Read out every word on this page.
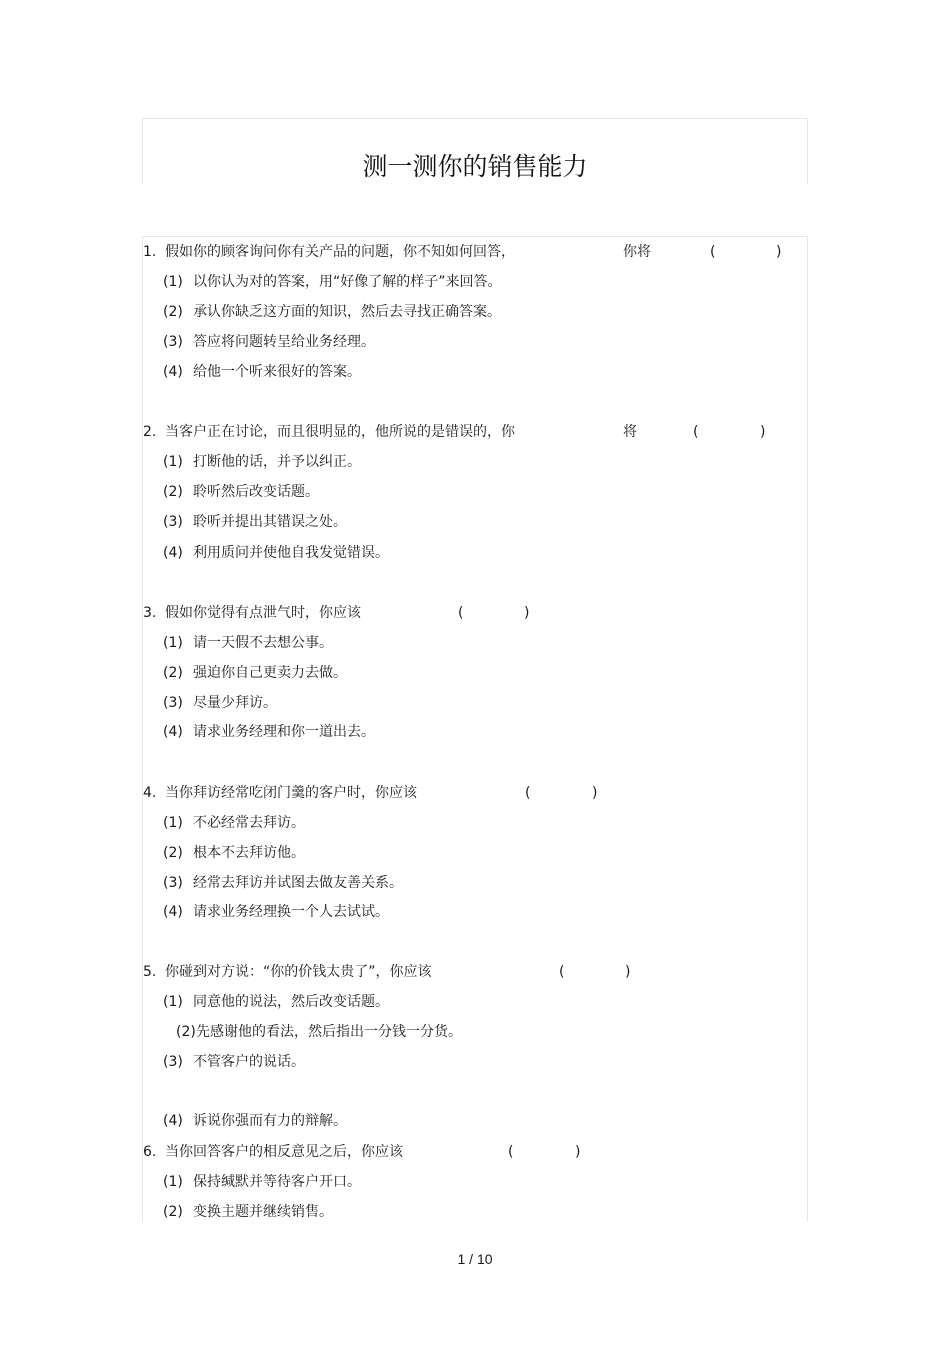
测一测你的销售能力
1. 假如你的顾客询问你有关产品的问题，你不知如何回答，	你将	(	)
(1) 以你认为对的答案，用“好像了解的样子”来回答。
(2) 承认你缺乏这方面的知识，然后去寻找正确答案。
(3) 答应将问题转呈给业务经理。
(4) 给他一个听来很好的答案。
2. 当客户正在讨论，而且很明显的，他所说的是错误的，你	将	(	)
(1) 打断他的话，并予以纠正。
(2) 聆听然后改变话题。
(3) 聆听并提出其错误之处。
(4) 利用质问并使他自我发觉错误。
3. 假如你觉得有点泄气时，你应该	(	)
(1) 请一天假不去想公事。
(2) 强迫你自己更卖力去做。
(3) 尽量少拜访。
(4) 请求业务经理和你一道出去。
4. 当你拜访经常吃闭门羹的客户时，你应该	(	)
(1) 不必经常去拜访。
(2) 根本不去拜访他。
(3) 经常去拜访并试图去做友善关系。
(4) 请求业务经理换一个人去试试。
5. 你碰到对方说：“你的价钱太贵了”，你应该	(	)
(1) 同意他的说法，然后改变话题。
(2)先感谢他的看法，然后指出一分钱一分货。
(3) 不管客户的说话。
(4) 诉说你强而有力的辩解。
6. 当你回答客户的相反意见之后，你应该	(	)
(1) 保持缄默并等待客户开口。
(2) 变换主题并继续销售。
1 / 10
